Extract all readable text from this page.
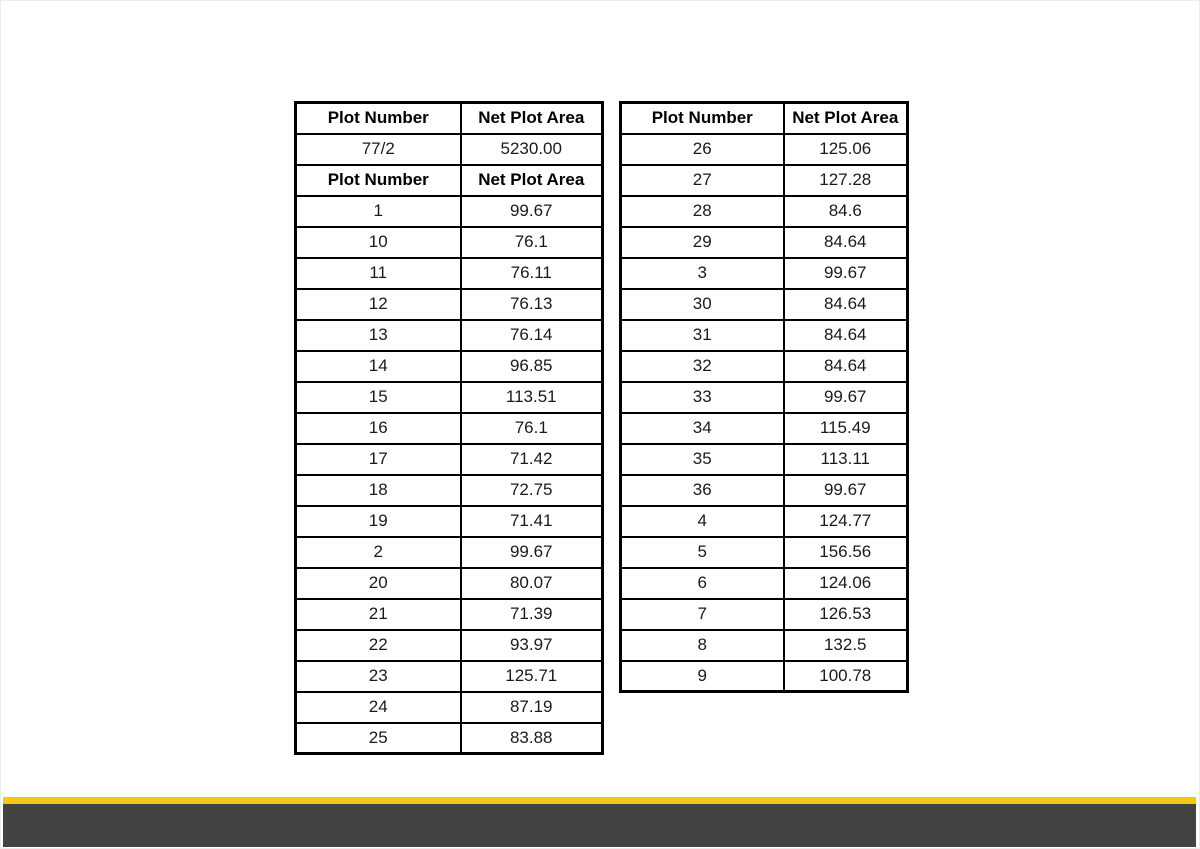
Plot Number	Net Plot Area
77/2	5230.00
Plot Number	Net Plot Area
1	99.67
10	76.1
11	76.11
12	76.13
13	76.14
14	96.85
15	113.51
16	76.1
17	71.42
18	72.75
19	71.41
2	99.67
20	80.07
21	71.39
22	93.97
23	125.71
24	87.19
25	83.88
Plot Number	Net Plot Area
26	125.06
27	127.28
28	84.6
29	84.64
3	99.67
30	84.64
31	84.64
32	84.64
33	99.67
34	115.49
35	113.11
36	99.67
4	124.77
5	156.56
6	124.06
7	126.53
8	132.5
9	100.78
